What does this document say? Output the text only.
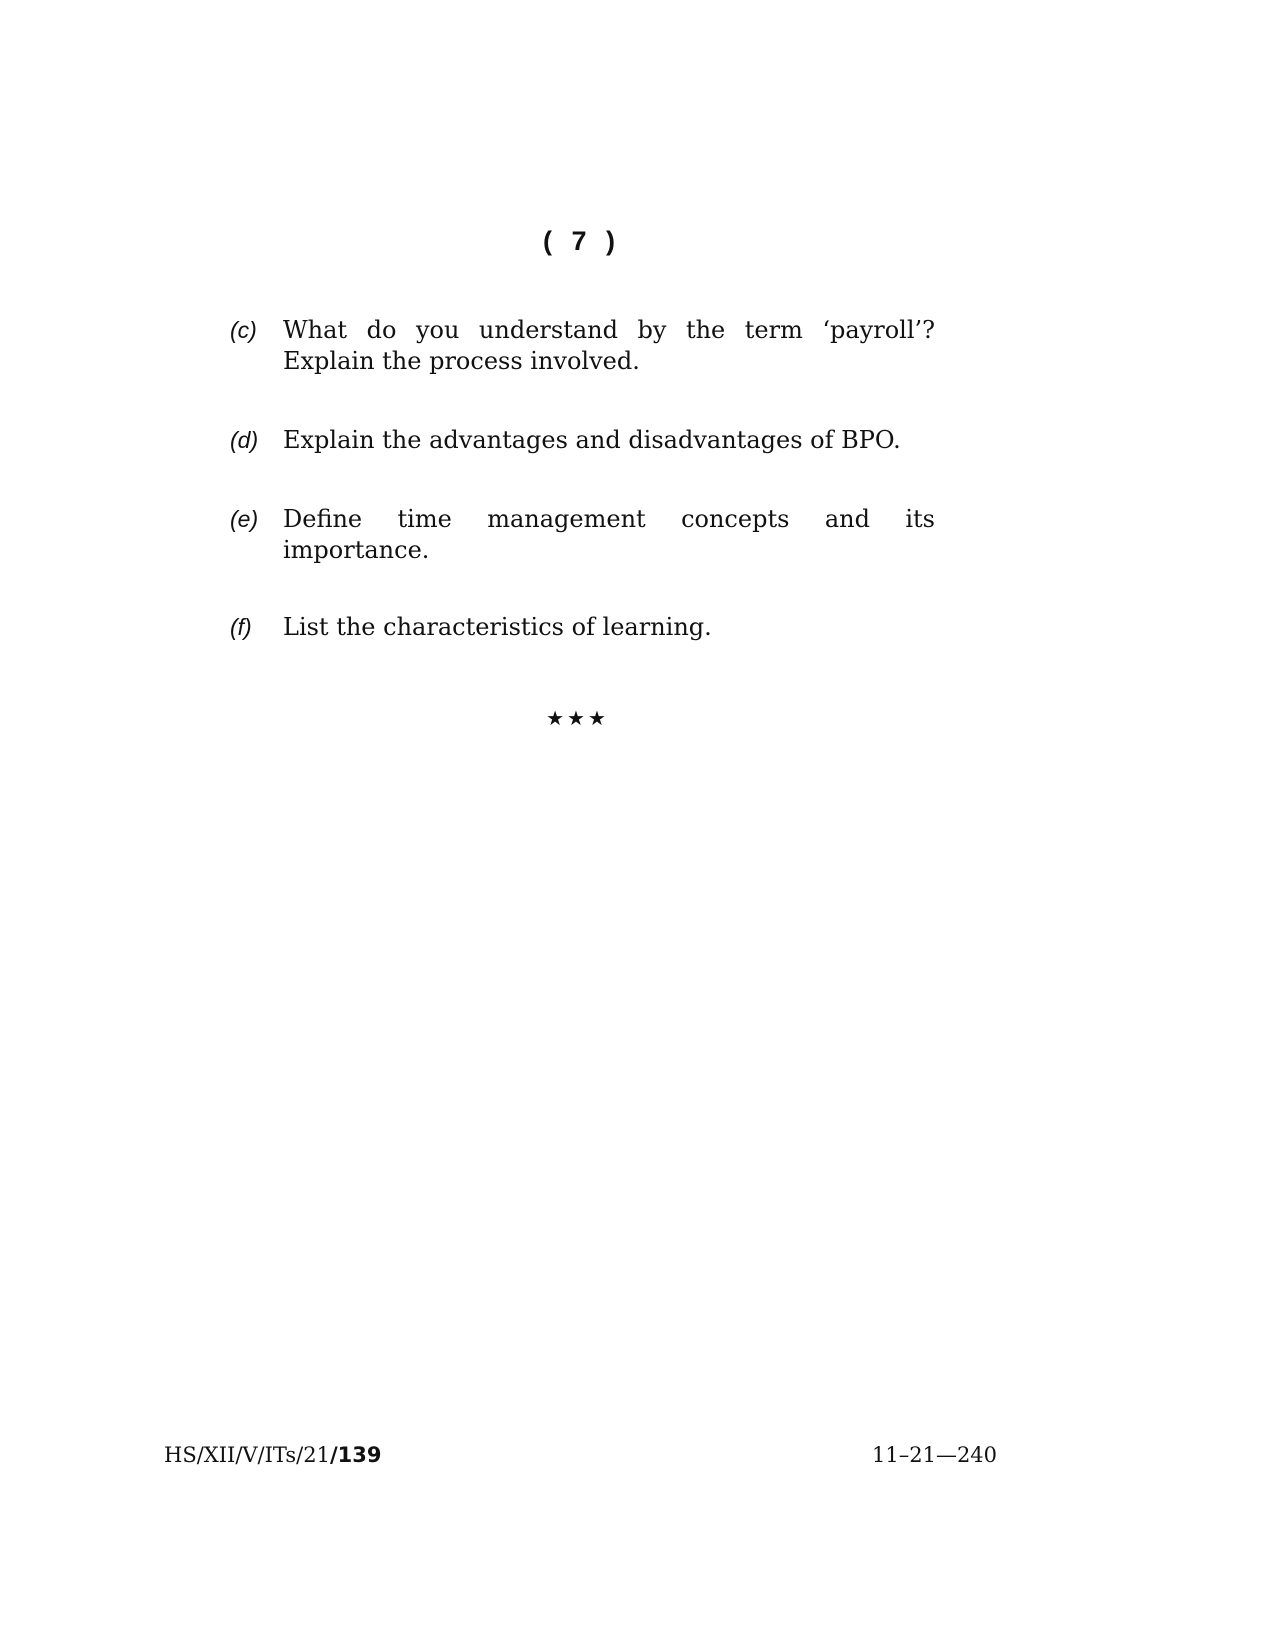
( 7 )
(c) What do you understand by the term ‘payroll’? Explain the process involved.
(d) Explain the advantages and disadvantages of BPO.
(e) Define time management concepts and its importance.
(f) List the characteristics of learning.
★★★
HS/XII/V/ITs/21/139	11–21—240
